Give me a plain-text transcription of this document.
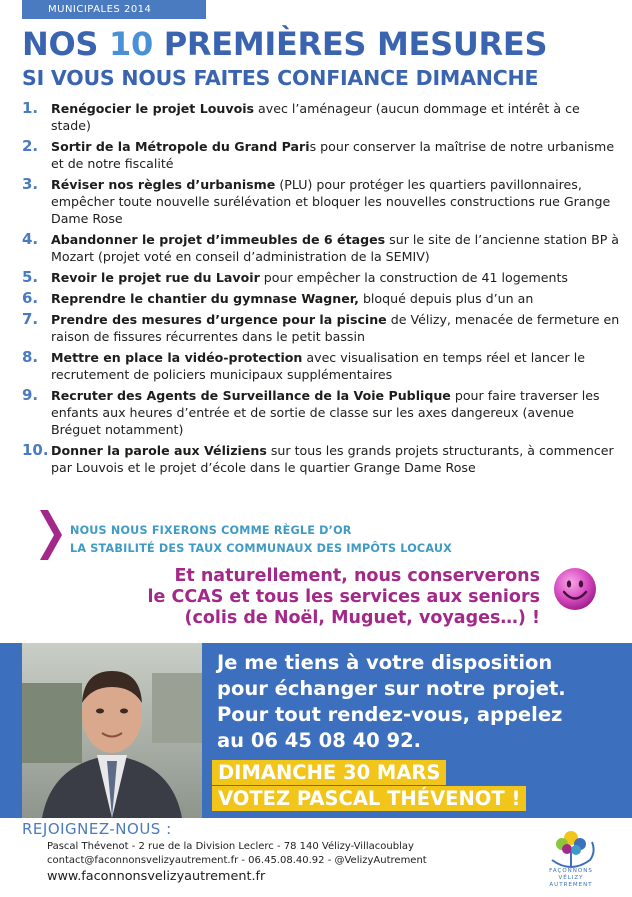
MUNICIPALES 2014
NOS 10 PREMIÈRES MESURES
SI VOUS NOUS FAITES CONFIANCE DIMANCHE
1.	Renégocier le projet Louvois avec l’aménageur (aucun dommage et intérêt à ce stade)
2.	Sortir de la Métropole du Grand Paris pour conserver la maîtrise de notre urbanisme et de notre fiscalité
3.	Réviser nos règles d’urbanisme (PLU) pour protéger les quartiers pavillonnaires, empêcher toute nouvelle surélévation et bloquer les nouvelles constructions rue Grange Dame Rose
4.	Abandonner le projet d’immeubles de 6 étages sur le site de l’ancienne station BP à Mozart (projet voté en conseil d’administration de la SEMIV)
5.	Revoir le projet rue du Lavoir pour empêcher la construction de 41 logements
6.	Reprendre le chantier du gymnase Wagner, bloqué depuis plus d’un an
7.	Prendre des mesures d’urgence pour la piscine de Vélizy, menacée de fermeture en raison de fissures récurrentes dans le petit bassin
8.	Mettre en place la vidéo-protection avec visualisation en temps réel et lancer le recrutement de policiers municipaux supplémentaires
9.	Recruter des Agents de Surveillance de la Voie Publique pour faire traverser les enfants aux heures d’entrée et de sortie de classe sur les axes dangereux (avenue Bréguet notamment)
10. Donner la parole aux Véliziens sur tous les grands projets structurants, à commencer par Louvois et le projet d’école dans le quartier Grange Dame Rose
NOUS NOUS FIXERONS COMME RÈGLE D’OR
LA STABILITÉ DES TAUX COMMUNAUX DES IMPÔTS LOCAUX
Et naturellement, nous conserverons
le CCAS et tous les services aux seniors
(colis de Noël, Muguet, voyages…) !
Je me tiens à votre disposition
pour échanger sur notre projet.
Pour tout rendez-vous, appelez
au 06 45 08 40 92.
DIMANCHE 30 MARS
VOTEZ PASCAL THÉVENOT !
REJOIGNEZ-NOUS :
Pascal Thévenot - 2 rue de la Division Leclerc - 78 140 Vélizy-Villacoublay
contact@faconnonsvelizyautrement.fr - 06.45.08.40.92 - @VelizyAutrement
www.faconnonsvelizyautrement.fr	FAÇONNONS
VÉLIZY AUTREMENT
